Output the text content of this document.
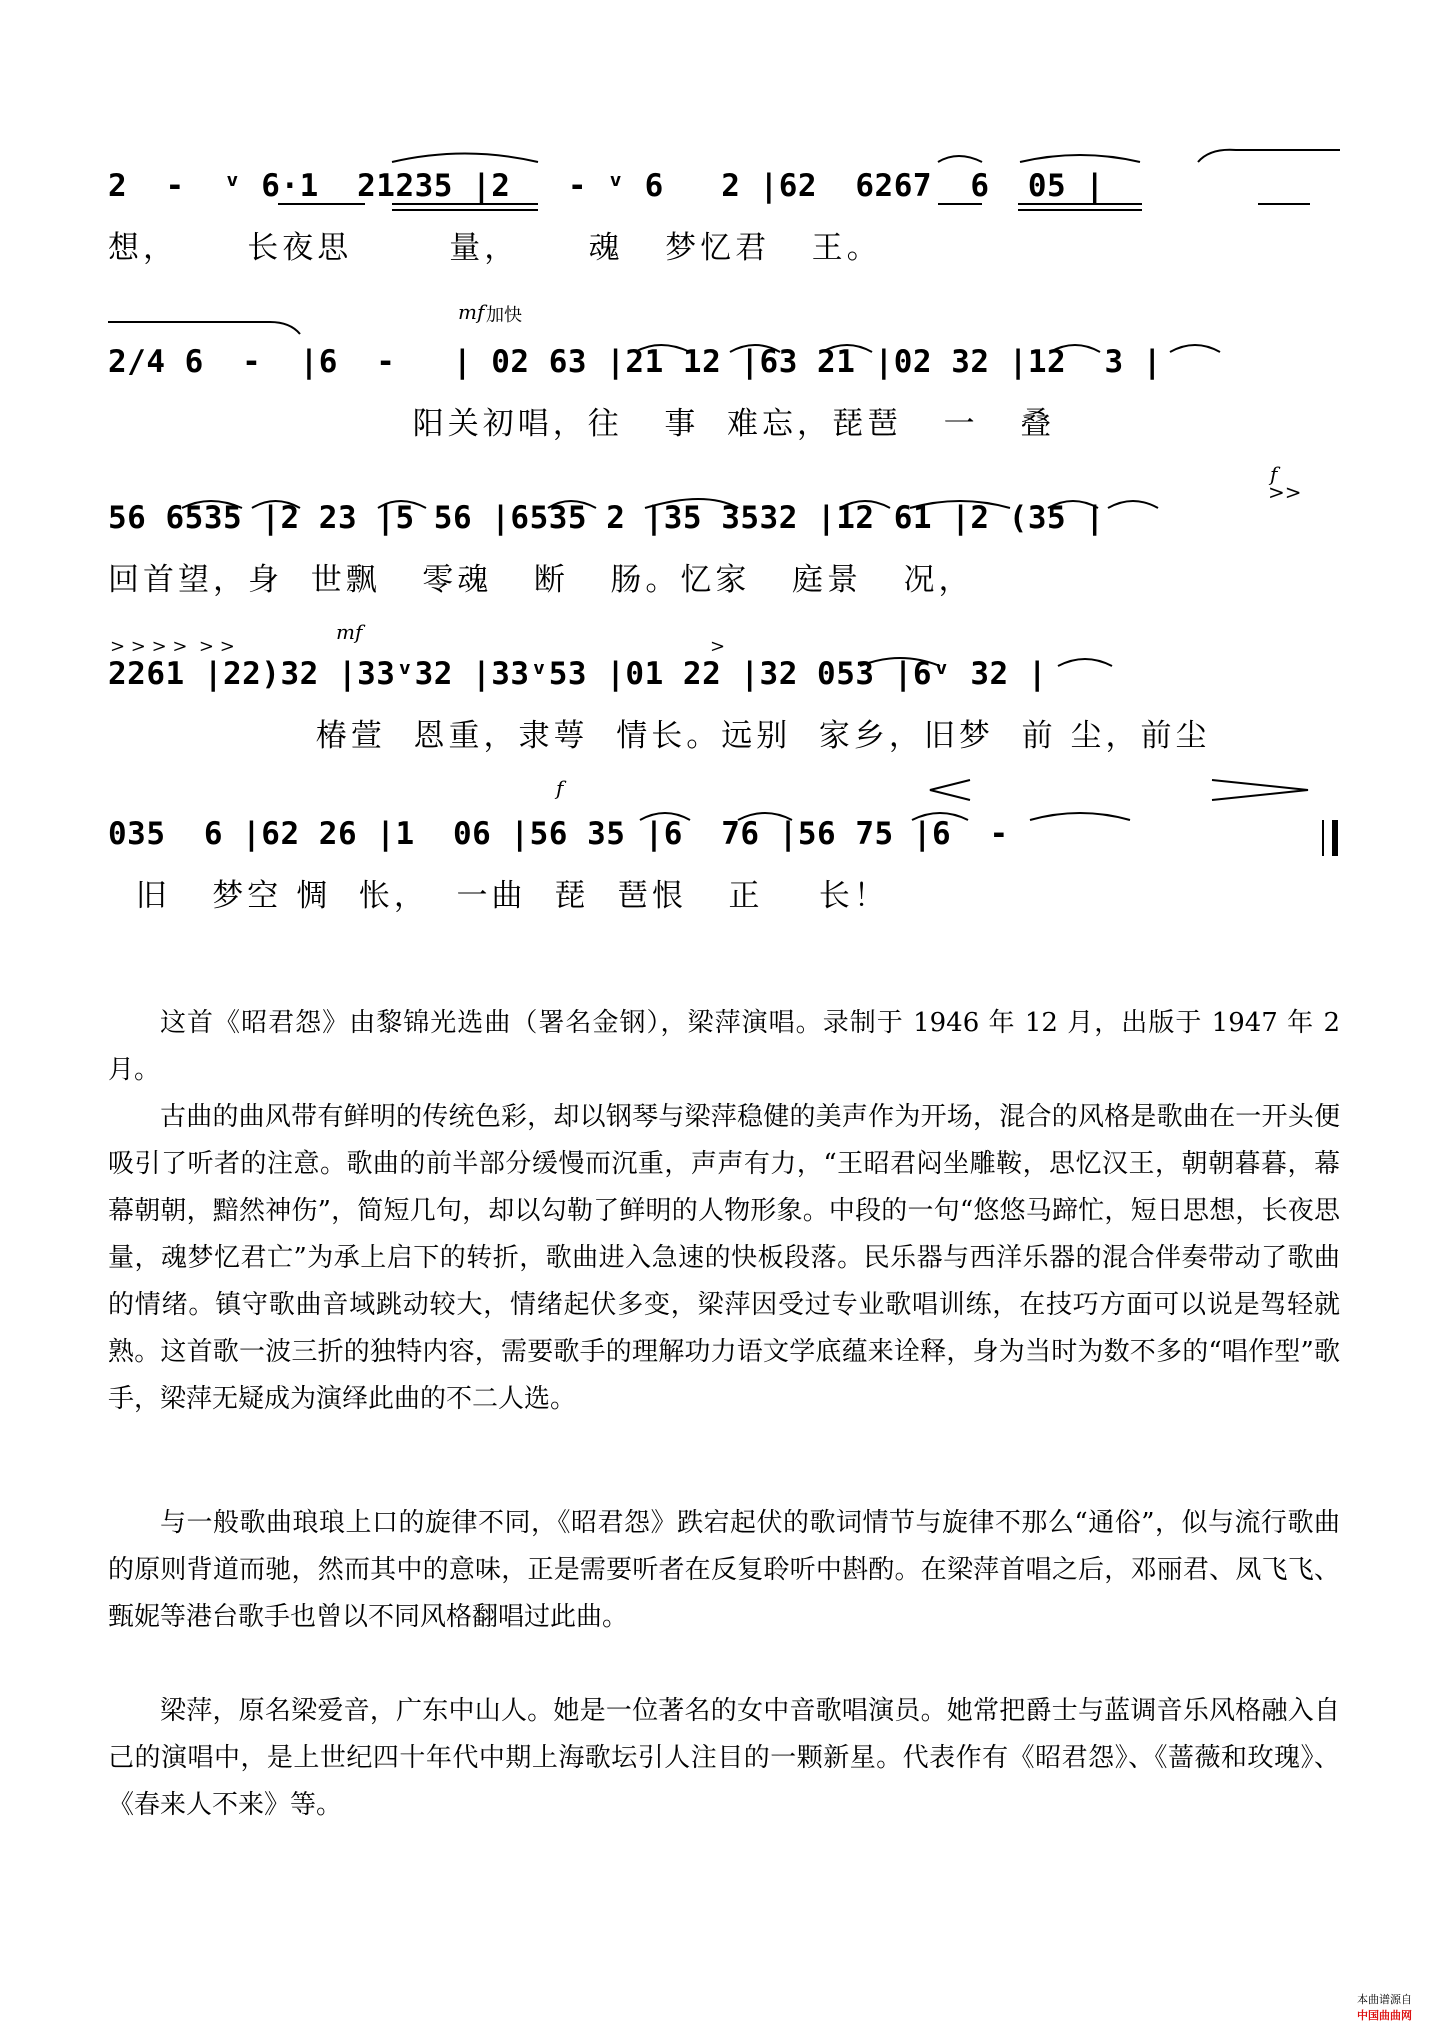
2  -  ᵛ 6·1  21235 |2   - ᵛ 6   2 |62  6267  6  05 |
想，     长夜思       量，     魂   梦忆君   王。
2/4 6  -  |6  -   | 02 63 |21 12 |63 21 |02 32 |12  3 |
阳关初唱，往   事  难忘，琵琶   一   叠
mf 加快
56 6535 |2 23 |5 56 |6535 2 |35 3532 |12 61 |2 (35 |
回首望，身  世飘   零魂   断   肠。忆家   庭景   况，
f
>>
2261 |22)32 |33ᵛ32 |33ᵛ53 |01 22 |32 053 |6ᵛ 32 |
椿萱  恩重，隶萼  情长。远别  家乡，旧梦  前 尘，前尘
> > > >  > >
mf
>
035  6 |62 26 |1  06 |56 35 |6  76 |56 75 |6  -
旧   梦空 惆  怅，  一曲  琵  琶恨   正    长！
f

这首《昭君怨》由黎锦光选曲（署名金钢），梁萍演唱。录制于 1946 年 12 月，出版于 1947 年 2 月。

古曲的曲风带有鲜明的传统色彩，却以钢琴与梁萍稳健的美声作为开场，混合的风格是歌曲在一开头便吸引了听者的注意。歌曲的前半部分缓慢而沉重，声声有力，“王昭君闷坐雕鞍，思忆汉王，朝朝暮暮，幕幕朝朝，黯然神伤”，简短几句，却以勾勒了鲜明的人物形象。中段的一句“悠悠马蹄忙，短日思想，长夜思量，魂梦忆君亡”为承上启下的转折，歌曲进入急速的快板段落。民乐器与西洋乐器的混合伴奏带动了歌曲的情绪。镇守歌曲音域跳动较大，情绪起伏多变，梁萍因受过专业歌唱训练，在技巧方面可以说是驾轻就熟。这首歌一波三折的独特内容，需要歌手的理解功力语文学底蕴来诠释，身为当时为数不多的“唱作型”歌手，梁萍无疑成为演绎此曲的不二人选。

与一般歌曲琅琅上口的旋律不同，《昭君怨》跌宕起伏的歌词情节与旋律不那么“通俗”，似与流行歌曲的原则背道而驰，然而其中的意味，正是需要听者在反复聆听中斟酌。在梁萍首唱之后，邓丽君、凤飞飞、甄妮等港台歌手也曾以不同风格翻唱过此曲。

梁萍，原名梁爱音，广东中山人。她是一位著名的女中音歌唱演员。她常把爵士与蓝调音乐风格融入自己的演唱中，是上世纪四十年代中期上海歌坛引人注目的一颗新星。代表作有《昭君怨》、《蔷薇和玫瑰》、《春来人不来》等。

本曲谱源自
中国曲曲网
